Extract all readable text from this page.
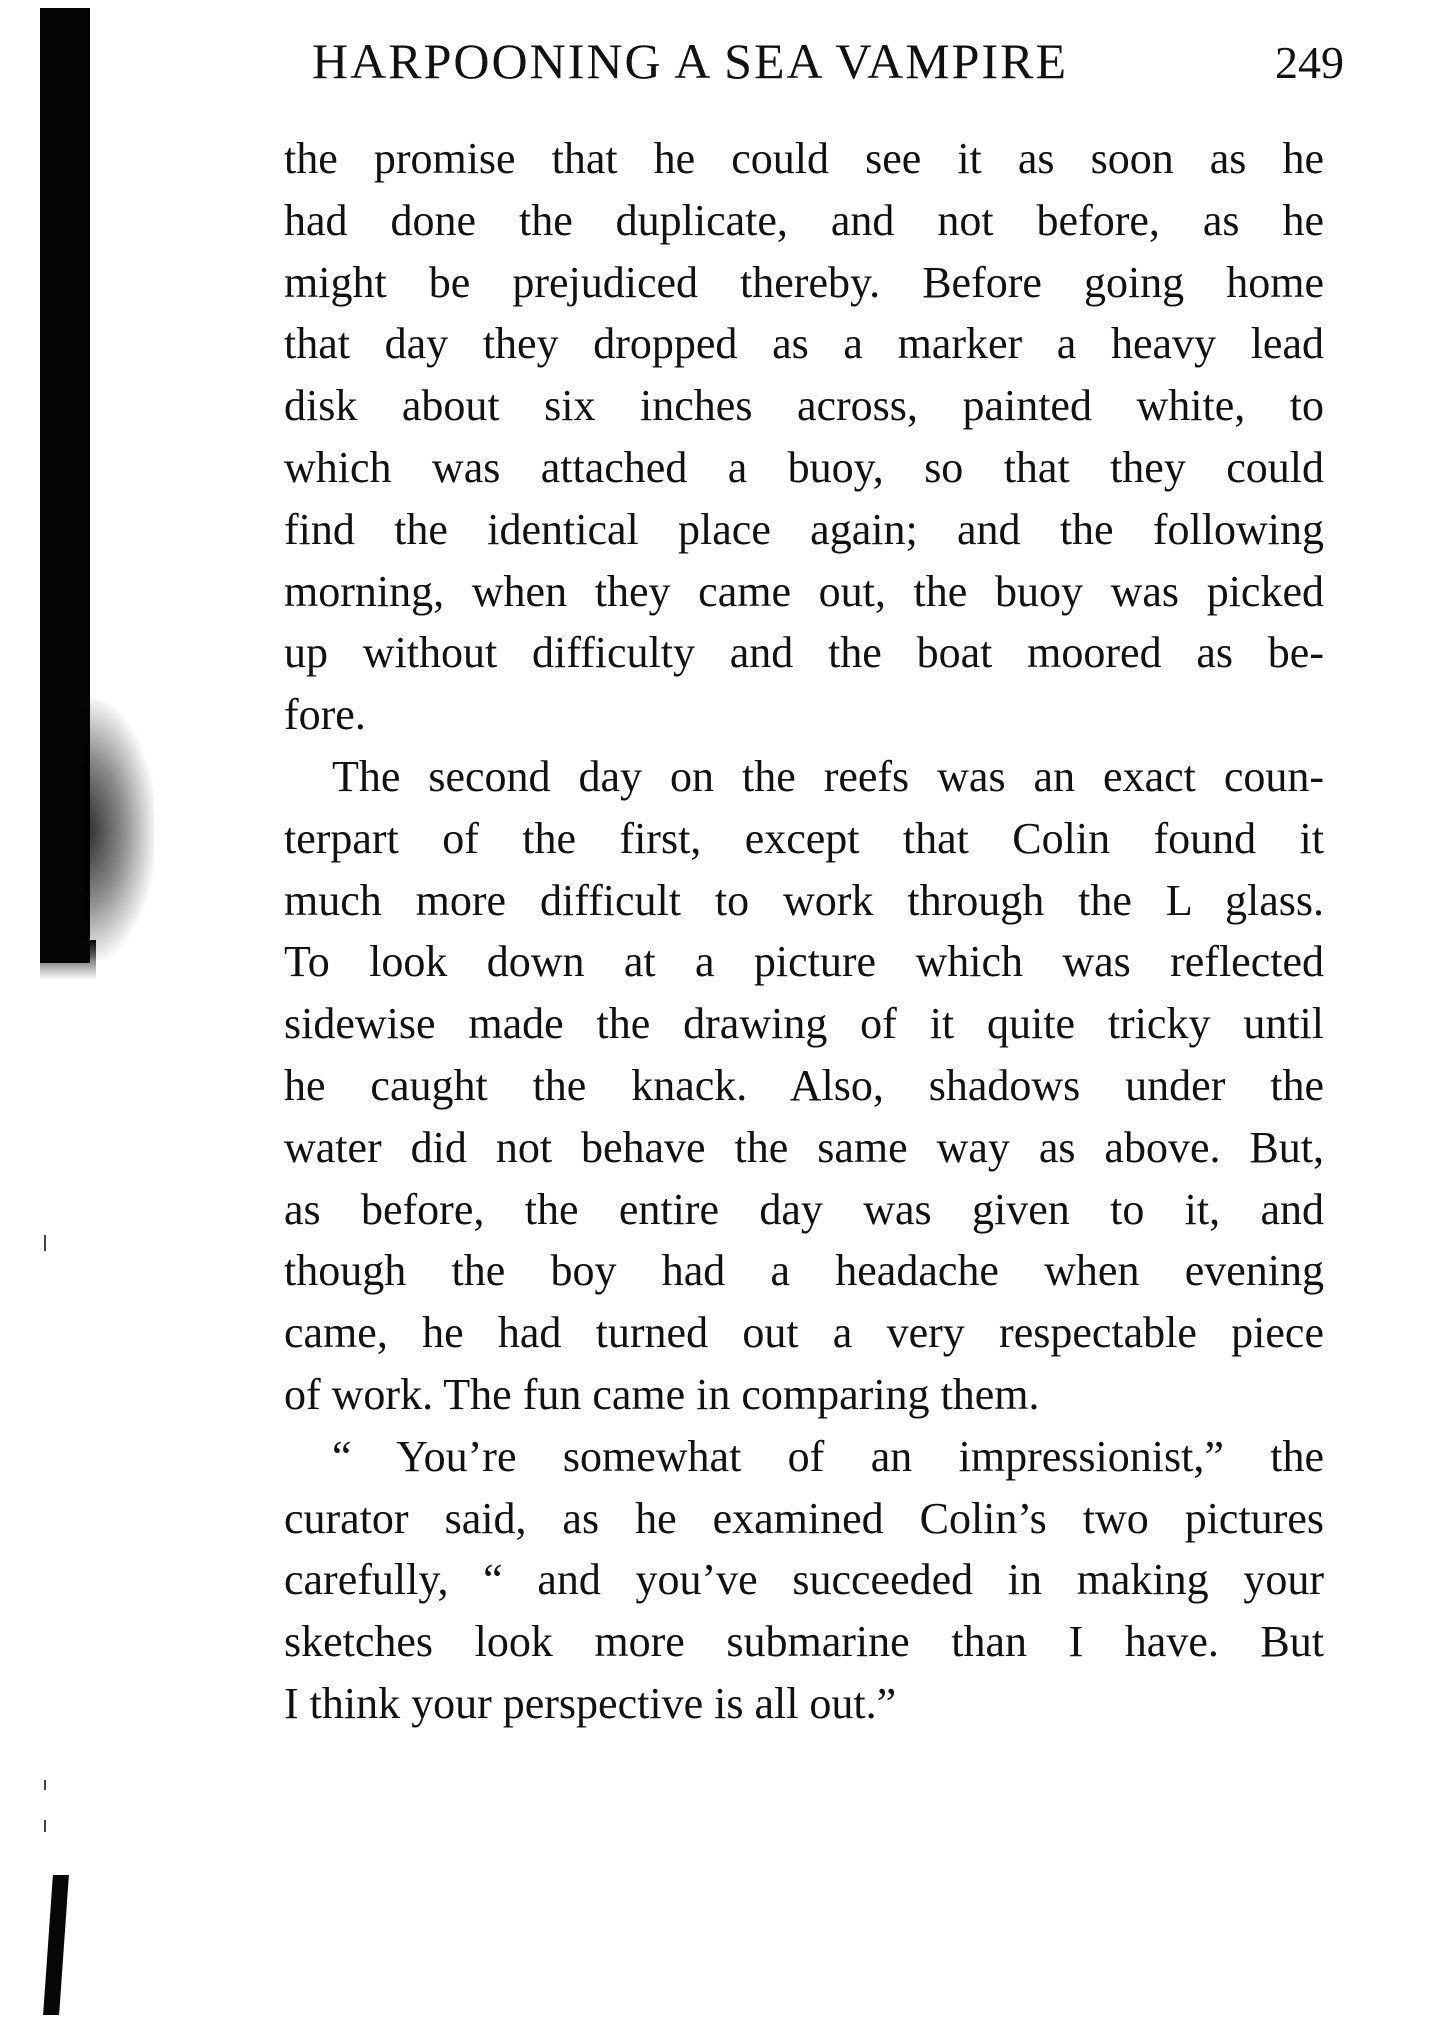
HARPOONING A SEA VAMPIRE	249
the promise that he could see it as soon as he
had done the duplicate, and not before, as he
might be prejudiced thereby. Before going home
that day they dropped as a marker a heavy lead
disk about six inches across, painted white, to
which was attached a buoy, so that they could
find the identical place again; and the following
morning, when they came out, the buoy was picked
up without difficulty and the boat moored as be-
fore.
The second day on the reefs was an exact coun-
terpart of the first, except that Colin found it
much more difficult to work through the L glass.
To look down at a picture which was reflected
sidewise made the drawing of it quite tricky until
he caught the knack. Also, shadows under the
water did not behave the same way as above. But,
as before, the entire day was given to it, and
though the boy had a headache when evening
came, he had turned out a very respectable piece
of work. The fun came in comparing them.
“ You’re somewhat of an impressionist,” the
curator said, as he examined Colin’s two pictures
carefully, “ and you’ve succeeded in making your
sketches look more submarine than I have. But
I think your perspective is all out.”
